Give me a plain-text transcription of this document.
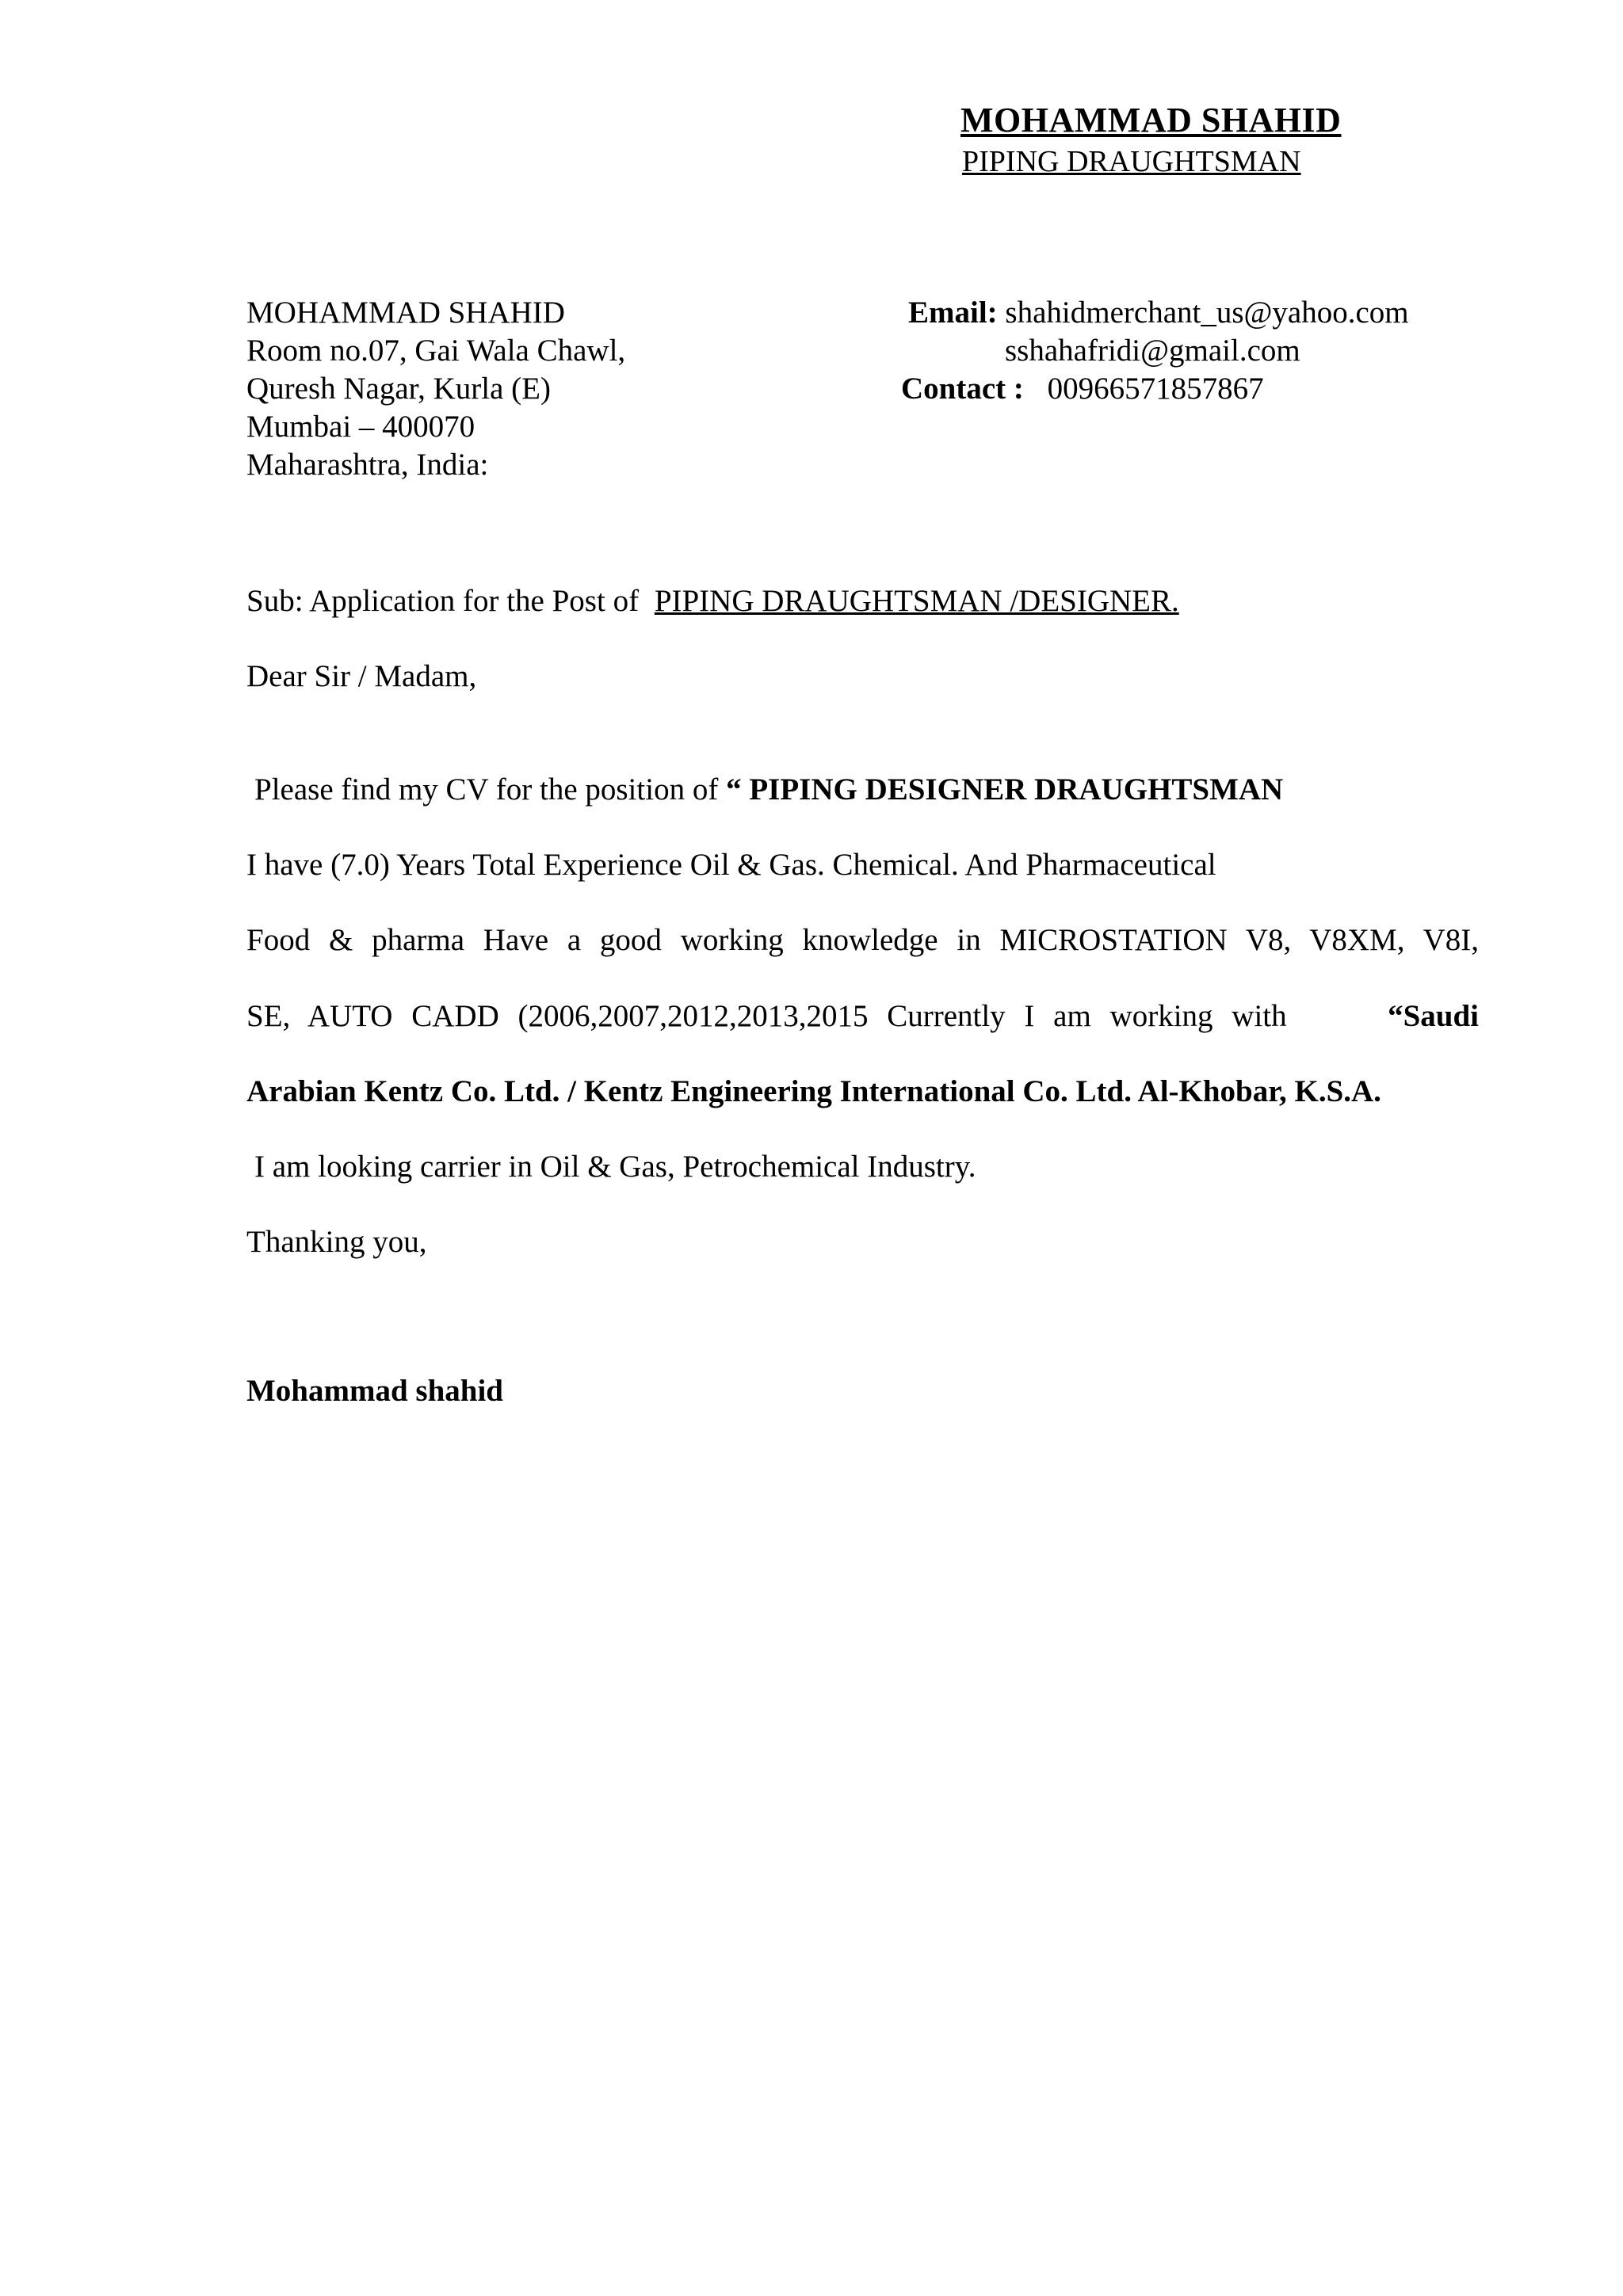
MOHAMMAD SHAHID
PIPING DRAUGHTSMAN
MOHAMMAD SHAHID
Room no.07, Gai Wala Chawl,
Quresh Nagar, Kurla (E)
Mumbai – 400070
Maharashtra, India:
Email: shahidmerchant_us@yahoo.com
sshahafridi@gmail.com
Contact : 00966571857867
Sub: Application for the Post of PIPING DRAUGHTSMAN /DESIGNER.
Dear Sir / Madam,
Please find my CV for the position of “ PIPING DESIGNER DRAUGHTSMAN
I have (7.0) Years Total Experience Oil & Gas. Chemical. And Pharmaceutical
Food & pharma Have a good working knowledge in MICROSTATION V8, V8XM, V8I,
SE, AUTO CADD (2006,2007,2012,2013,2015 Currently I am working with	“Saudi
Arabian Kentz Co. Ltd. / Kentz Engineering International Co. Ltd. Al-Khobar, K.S.A.
I am looking carrier in Oil & Gas, Petrochemical Industry.
Thanking you,
Mohammad shahid
